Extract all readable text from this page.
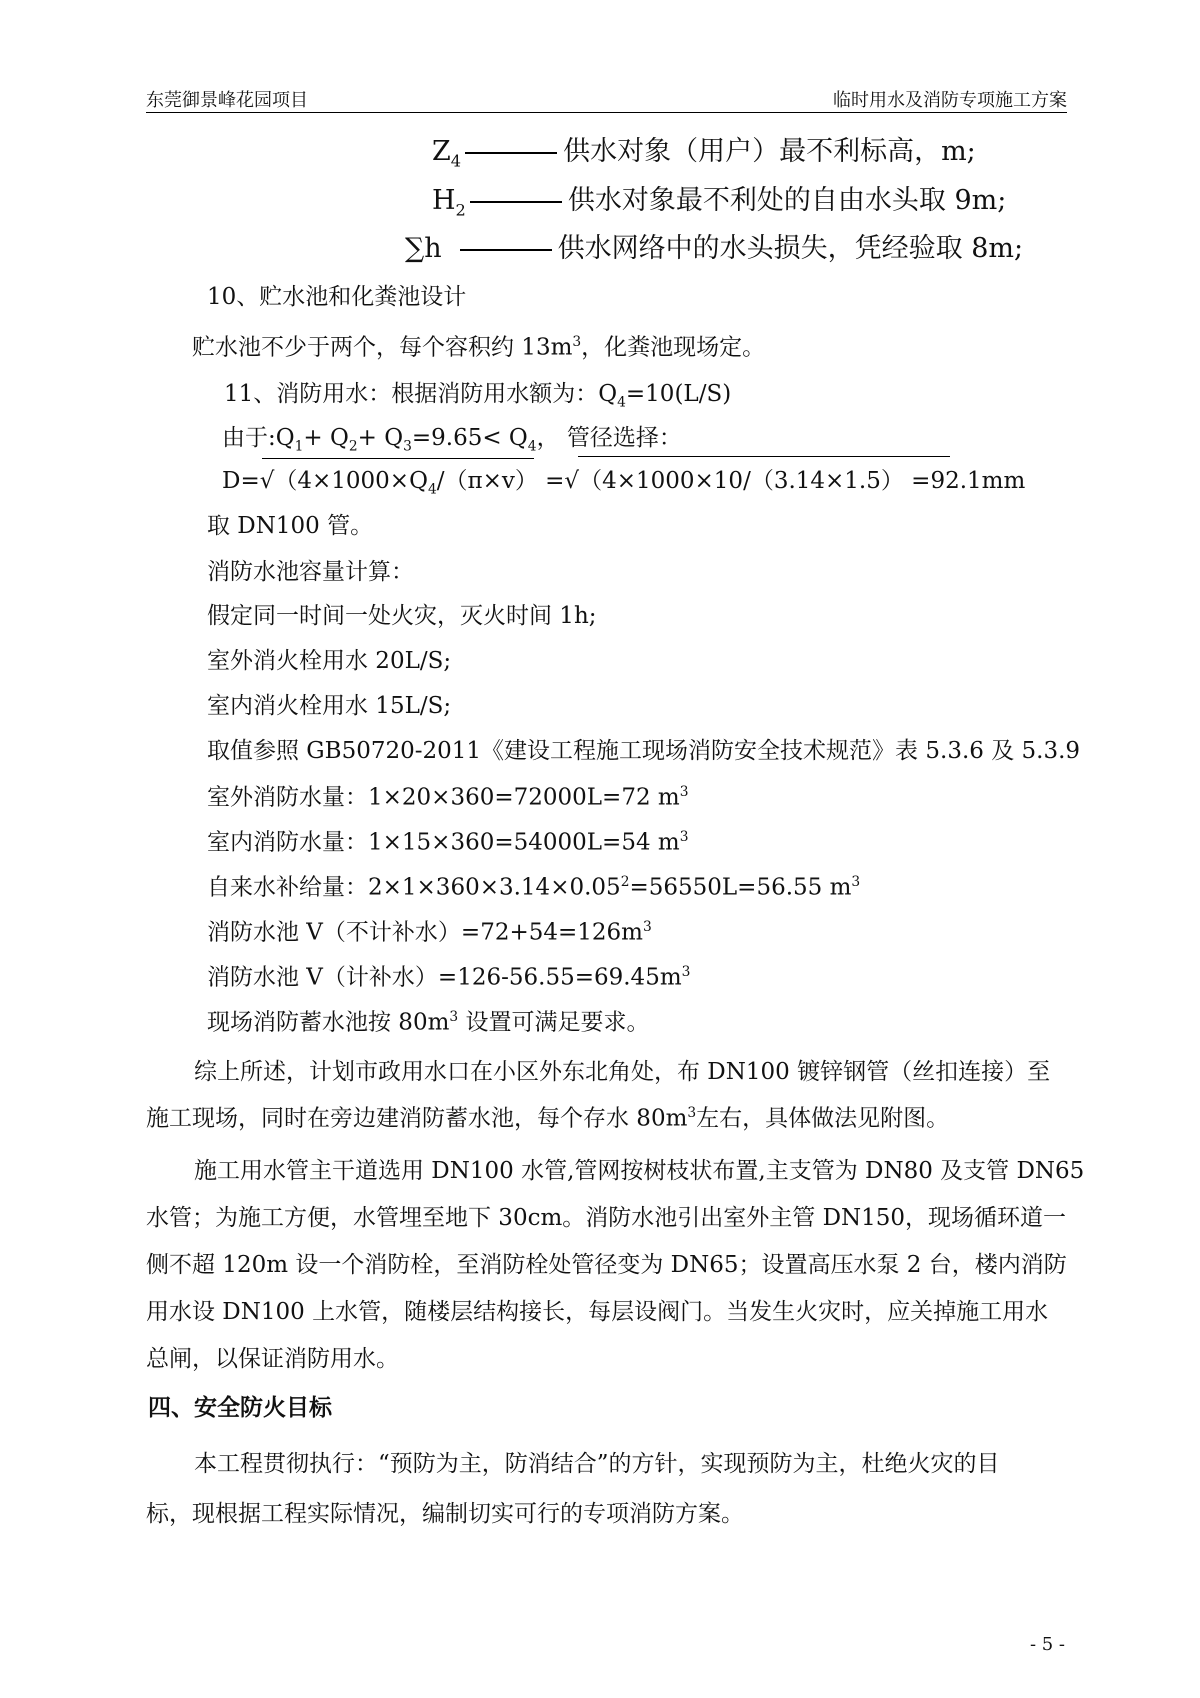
东莞御景峰花园项目	临时用水及消防专项施工方案
$Z_4$	供水对象（用户）最不利标高，m;
$H_2$	供水对象最不利处的自由水头取 9m;
∑h	供水网络中的水头损失，凭经验取 8m;
10、贮水池和化粪池设计
贮水池不少于两个，每个容积约 $13m^3$，化粪池现场定。
11、消防用水：根据消防用水额为：$Q_4=10(L/S)$
由于$:Q_1+ Q_2+ Q_3=9.65< Q_4$， 管径选择：
$D=√(4\times 1000\times Q_4/(\pi\times v) =√(4\times 1000\times 10/(3.14\times 1.5) =92.1mm$
取 DN100 管。
消防水池容量计算：
假定同一时间一处火灾，灭火时间 1h;
室外消火栓用水 20L/S;
室内消火栓用水 15L/S;
取值参照 GB50720-2011《建设工程施工现场消防安全技术规范》表 5.3.6 及 5.3.9
室外消防水量：1×20×360=72000L=72 $m^3$
室内消防水量：1×15×360=54000L=54 $m^3$
自来水补给量：$2\times 1\times 360\times 3.14\times 0.05^2=56550L=56.55$ $m^3$
消防水池 V（不计补水）$=72+54=126m^3$
消防水池 V（计补水）$=126-56.55=69.45m^3$
现场消防蓄水池按 $80m^3$ 设置可满足要求。
综上所述，计划市政用水口在小区外东北角处，布 DN100 镀锌钢管（丝扣连接）至
施工现场，同时在旁边建消防蓄水池，每个存水 $80m^3$左右，具体做法见附图。
施工用水管主干道选用 DN100 水管,管网按树枝状布置,主支管为 DN80 及支管 DN65
水管；为施工方便，水管埋至地下 30cm。消防水池引出室外主管 DN150，现场循环道一
侧不超 120m 设一个消防栓，至消防栓处管径变为 DN65；设置高压水泵 2 台，楼内消防
用水设 DN100 上水管，随楼层结构接长，每层设阀门。当发生火灾时，应关掉施工用水
总闸，以保证消防用水。
四、安全防火目标
本工程贯彻执行：“预防为主，防消结合”的方针，实现预防为主，杜绝火灾的目
标，现根据工程实际情况，编制切实可行的专项消防方案。
- 5 -
